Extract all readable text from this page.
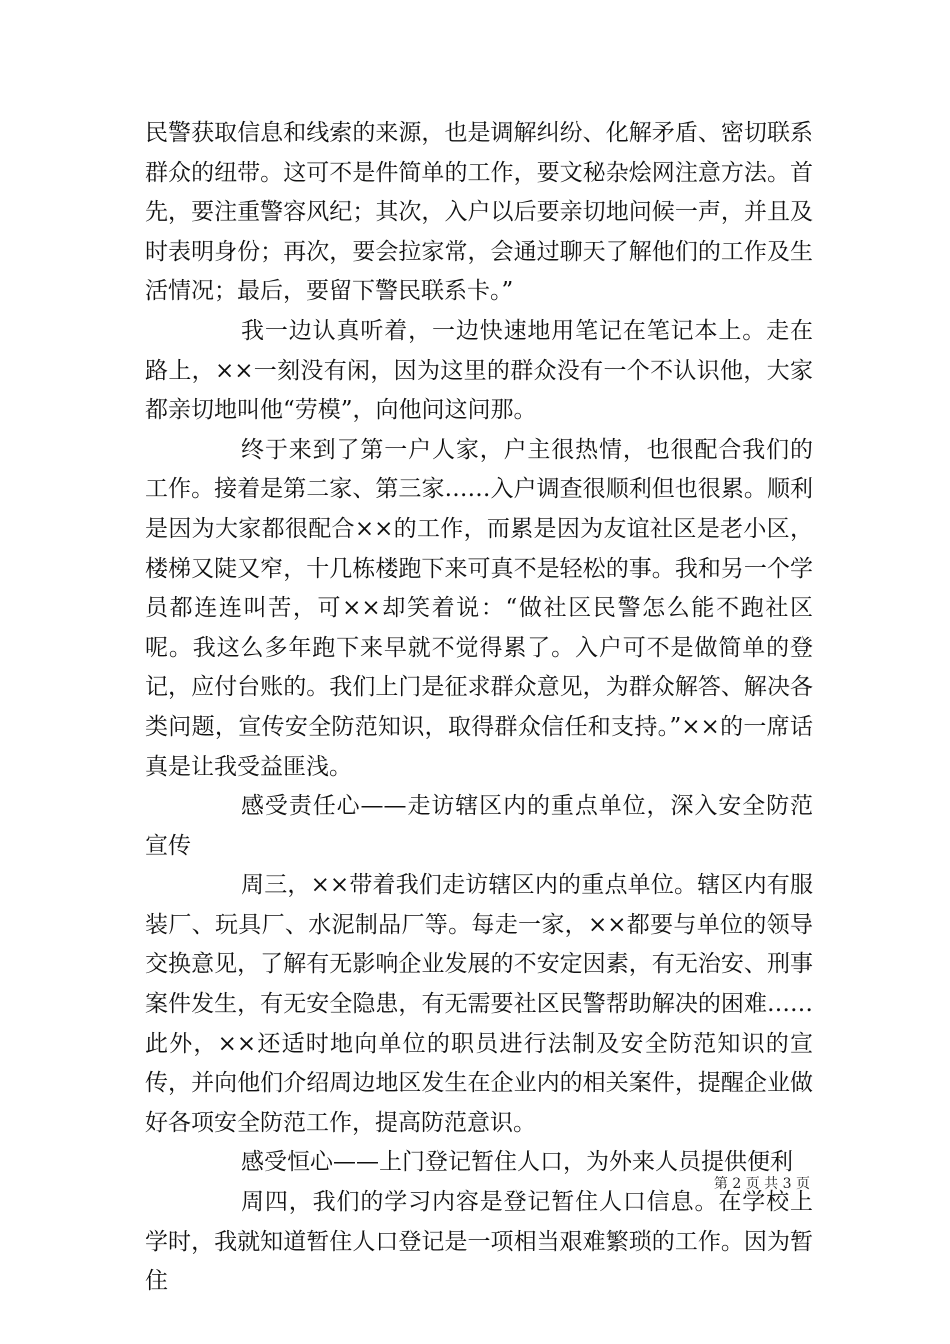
民警获取信息和线索的来源，也是调解纠纷、化解矛盾、密切联系群众的纽带。这可不是件简单的工作，要文秘杂烩网注意方法。首先，要注重警容风纪；其次，入户以后要亲切地问候一声，并且及时表明身份；再次，要会拉家常，会通过聊天了解他们的工作及生活情况；最后，要留下警民联系卡。”

我一边认真听着，一边快速地用笔记在笔记本上。走在路上，××一刻没有闲，因为这里的群众没有一个不认识他，大家都亲切地叫他“劳模”，向他问这问那。

终于来到了第一户人家，户主很热情，也很配合我们的工作。接着是第二家、第三家……入户调查很顺利但也很累。顺利是因为大家都很配合××的工作，而累是因为友谊社区是老小区，楼梯又陡又窄，十几栋楼跑下来可真不是轻松的事。我和另一个学员都连连叫苦，可××却笑着说：“做社区民警怎么能不跑社区呢。我这么多年跑下来早就不觉得累了。入户可不是做简单的登记，应付台账的。我们上门是征求群众意见，为群众解答、解决各类问题，宣传安全防范知识，取得群众信任和支持。”××的一席话真是让我受益匪浅。

感受责任心——走访辖区内的重点单位，深入安全防范宣传

周三，××带着我们走访辖区内的重点单位。辖区内有服装厂、玩具厂、水泥制品厂等。每走一家，××都要与单位的领导交换意见，了解有无影响企业发展的不安定因素，有无治安、刑事案件发生，有无安全隐患，有无需要社区民警帮助解决的困难……此外，××还适时地向单位的职员进行法制及安全防范知识的宣传，并向他们介绍周边地区发生在企业内的相关案件，提醒企业做好各项安全防范工作，提高防范意识。

感受恒心——上门登记暂住人口，为外来人员提供便利

周四，我们的学习内容是登记暂住人口信息。在学校上学时，我就知道暂住人口登记是一项相当艰难繁琐的工作。因为暂住

第 2 页 共 3 页
